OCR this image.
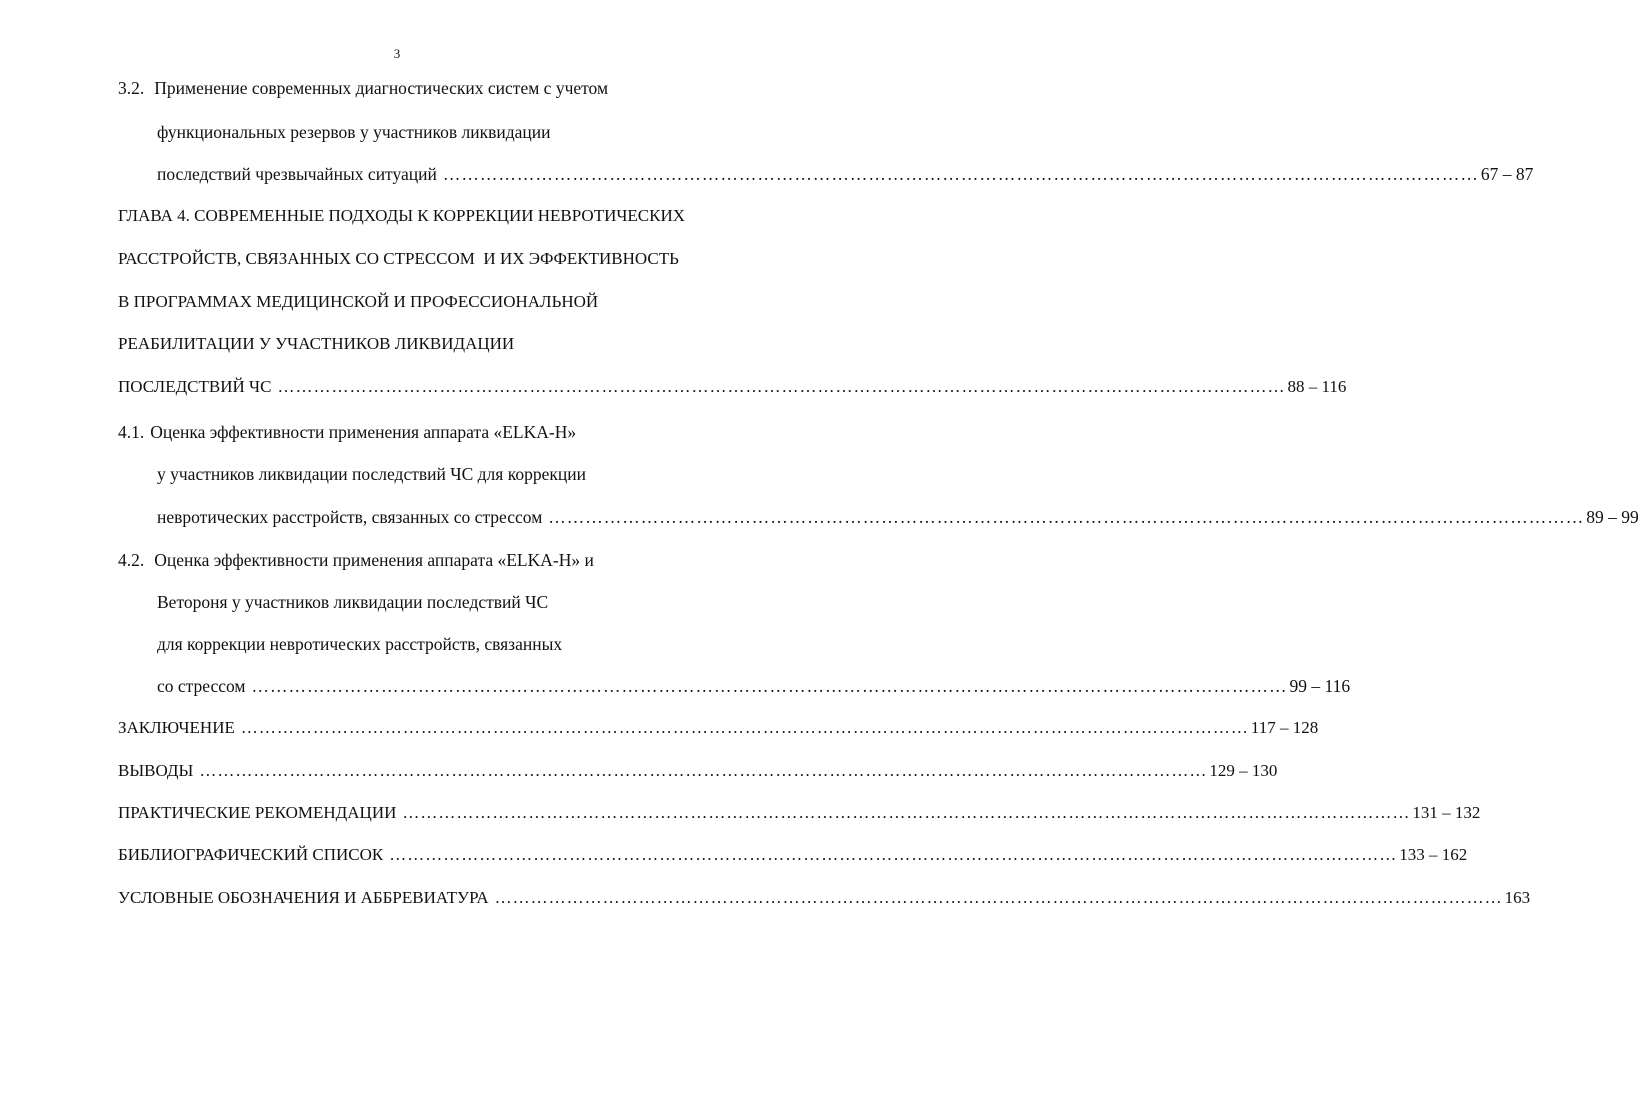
3
3.2. Применение современных диагностических систем с учетом
функциональных резервов у участников ликвидации
последствий чрезвычайных ситуаций …………………………………………………………………………………………………………………………………………………… 67 – 87
ГЛАВА 4. СОВРЕМЕННЫЕ ПОДХОДЫ К КОРРЕКЦИИ НЕВРОТИЧЕСКИХ
РАССТРОЙСТВ, СВЯЗАННЫХ СО СТРЕССОМ  И ИХ ЭФФЕКТИВНОСТЬ
В ПРОГРАММАХ МЕДИЦИНСКОЙ И ПРОФЕССИОНАЛЬНОЙ
РЕАБИЛИТАЦИИ У УЧАСТНИКОВ ЛИКВИДАЦИИ
ПОСЛЕДСТВИЙ ЧС …………………………………………………………………………………………………………………………………………………… 88 – 116
4.1. Оценка эффективности применения аппарата «ELKA-H»
у участников ликвидации последствий ЧС для коррекции
невротических расстройств, связанных со стрессом …………………………………………………………………………………………………………………………………………………… 89 – 99
4.2. Оценка эффективности применения аппарата «ELKA-H» и
Ветороня у участников ликвидации последствий ЧС
для коррекции невротических расстройств, связанных
со стрессом …………………………………………………………………………………………………………………………………………………… 99 – 116
ЗАКЛЮЧЕНИЕ …………………………………………………………………………………………………………………………………………………… 117 – 128
ВЫВОДЫ …………………………………………………………………………………………………………………………………………………… 129 – 130
ПРАКТИЧЕСКИЕ РЕКОМЕНДАЦИИ …………………………………………………………………………………………………………………………………………………… 131 – 132
БИБЛИОГРАФИЧЕСКИЙ СПИСОК …………………………………………………………………………………………………………………………………………………… 133 – 162
УСЛОВНЫЕ ОБОЗНАЧЕНИЯ И АББРЕВИАТУРА …………………………………………………………………………………………………………………………………………………… 163
